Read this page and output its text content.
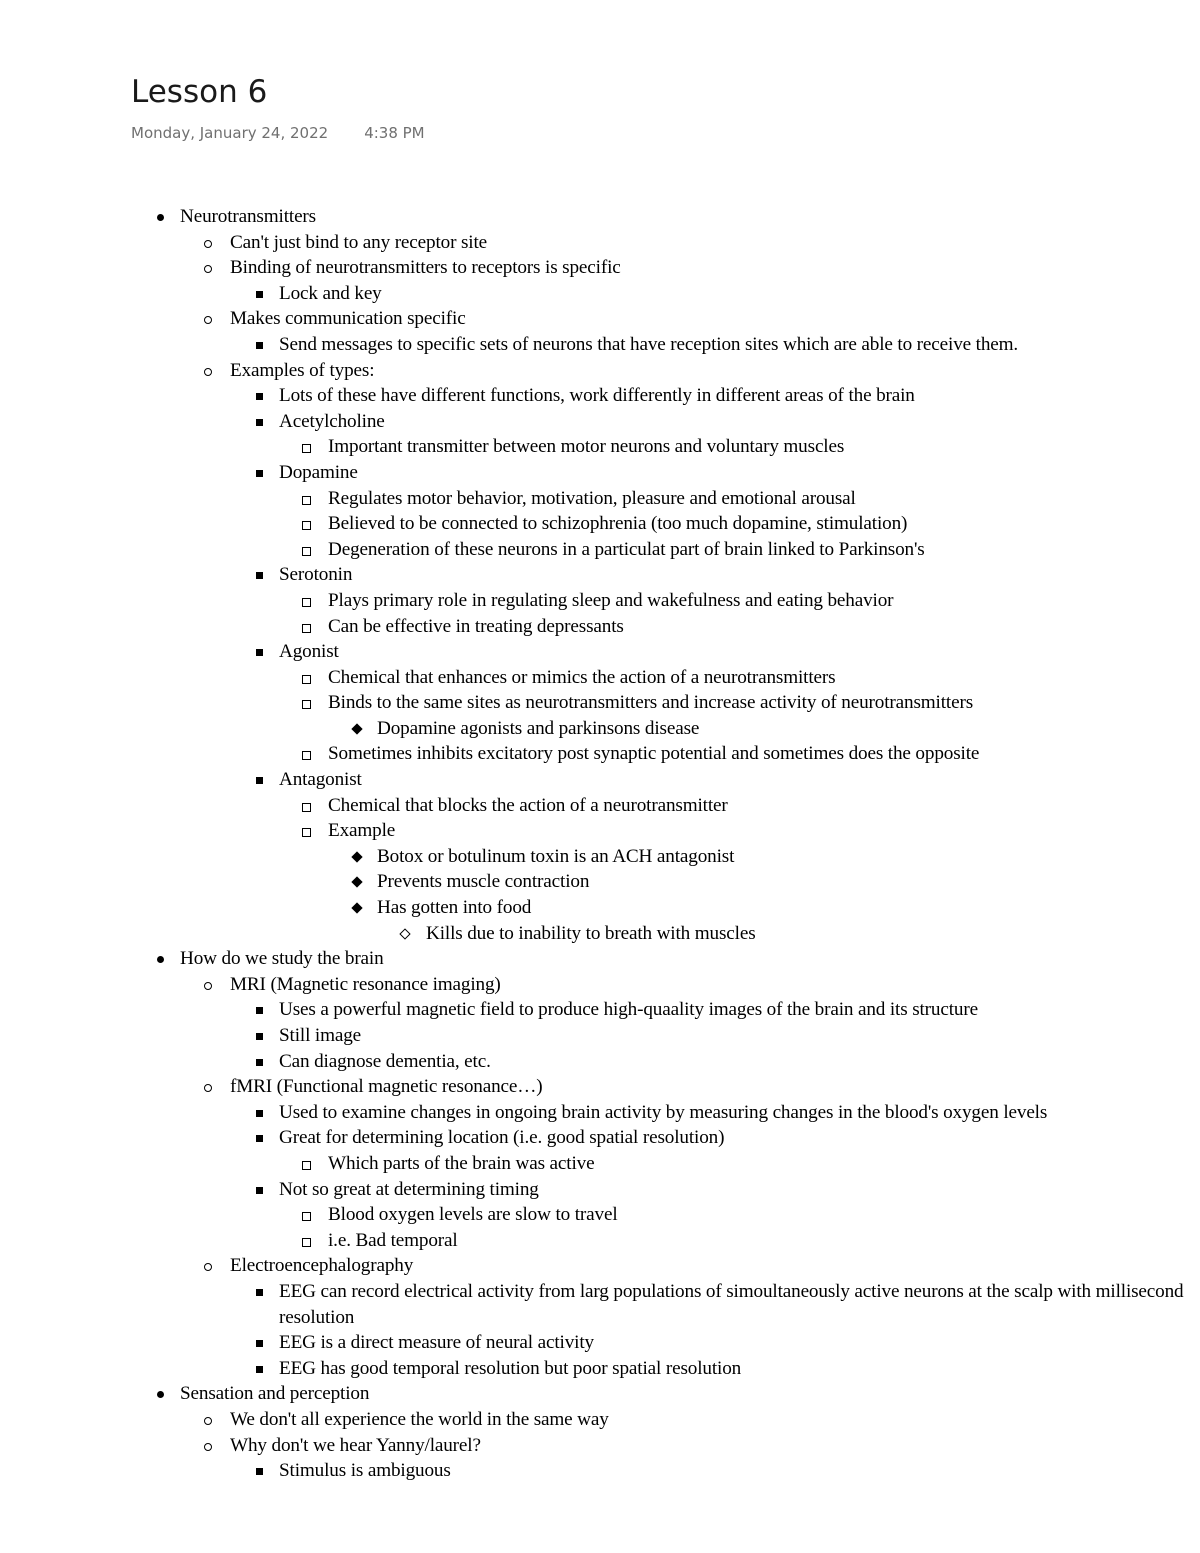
Lesson 6
Monday, January 24, 2022 4:38 PM
Neurotransmitters
Can't just bind to any receptor site
Binding of neurotransmitters to receptors is specific
Lock and key
Makes communication specific
Send messages to specific sets of neurons that have reception sites which are able to receive them.
Examples of types:
Lots of these have different functions, work differently in different areas of the brain
Acetylcholine
Important transmitter between motor neurons and voluntary muscles
Dopamine
Regulates motor behavior, motivation, pleasure and emotional arousal
Believed to be connected to schizophrenia (too much dopamine, stimulation)
Degeneration of these neurons in a particulat part of brain linked to Parkinson's
Serotonin
Plays primary role in regulating sleep and wakefulness and eating behavior
Can be effective in treating depressants
Agonist
Chemical that enhances or mimics the action of a neurotransmitters
Binds to the same sites as neurotransmitters and increase activity of neurotransmitters
Dopamine agonists and parkinsons disease
Sometimes inhibits excitatory post synaptic potential and sometimes does the opposite
Antagonist
Chemical that blocks the action of a neurotransmitter
Example
Botox or botulinum toxin is an ACH antagonist
Prevents muscle contraction
Has gotten into food
Kills due to inability to breath with muscles
How do we study the brain
MRI (Magnetic resonance imaging)
Uses a powerful magnetic field to produce high-quaality images of the brain and its structure
Still image
Can diagnose dementia, etc.
fMRI (Functional magnetic resonance…)
Used to examine changes in ongoing brain activity by measuring changes in the blood's oxygen levels
Great for determining location (i.e. good spatial resolution)
Which parts of the brain was active
Not so great at determining timing
Blood oxygen levels are slow to travel
i.e. Bad temporal
Electroencephalography
EEG can record electrical activity from larg populations of simoultaneously active neurons at the scalp with millisecond resolution
EEG is a direct measure of neural activity
EEG has good temporal resolution but poor spatial resolution
Sensation and perception
We don't all experience the world in the same way
Why don't we hear Yanny/laurel?
Stimulus is ambiguous
